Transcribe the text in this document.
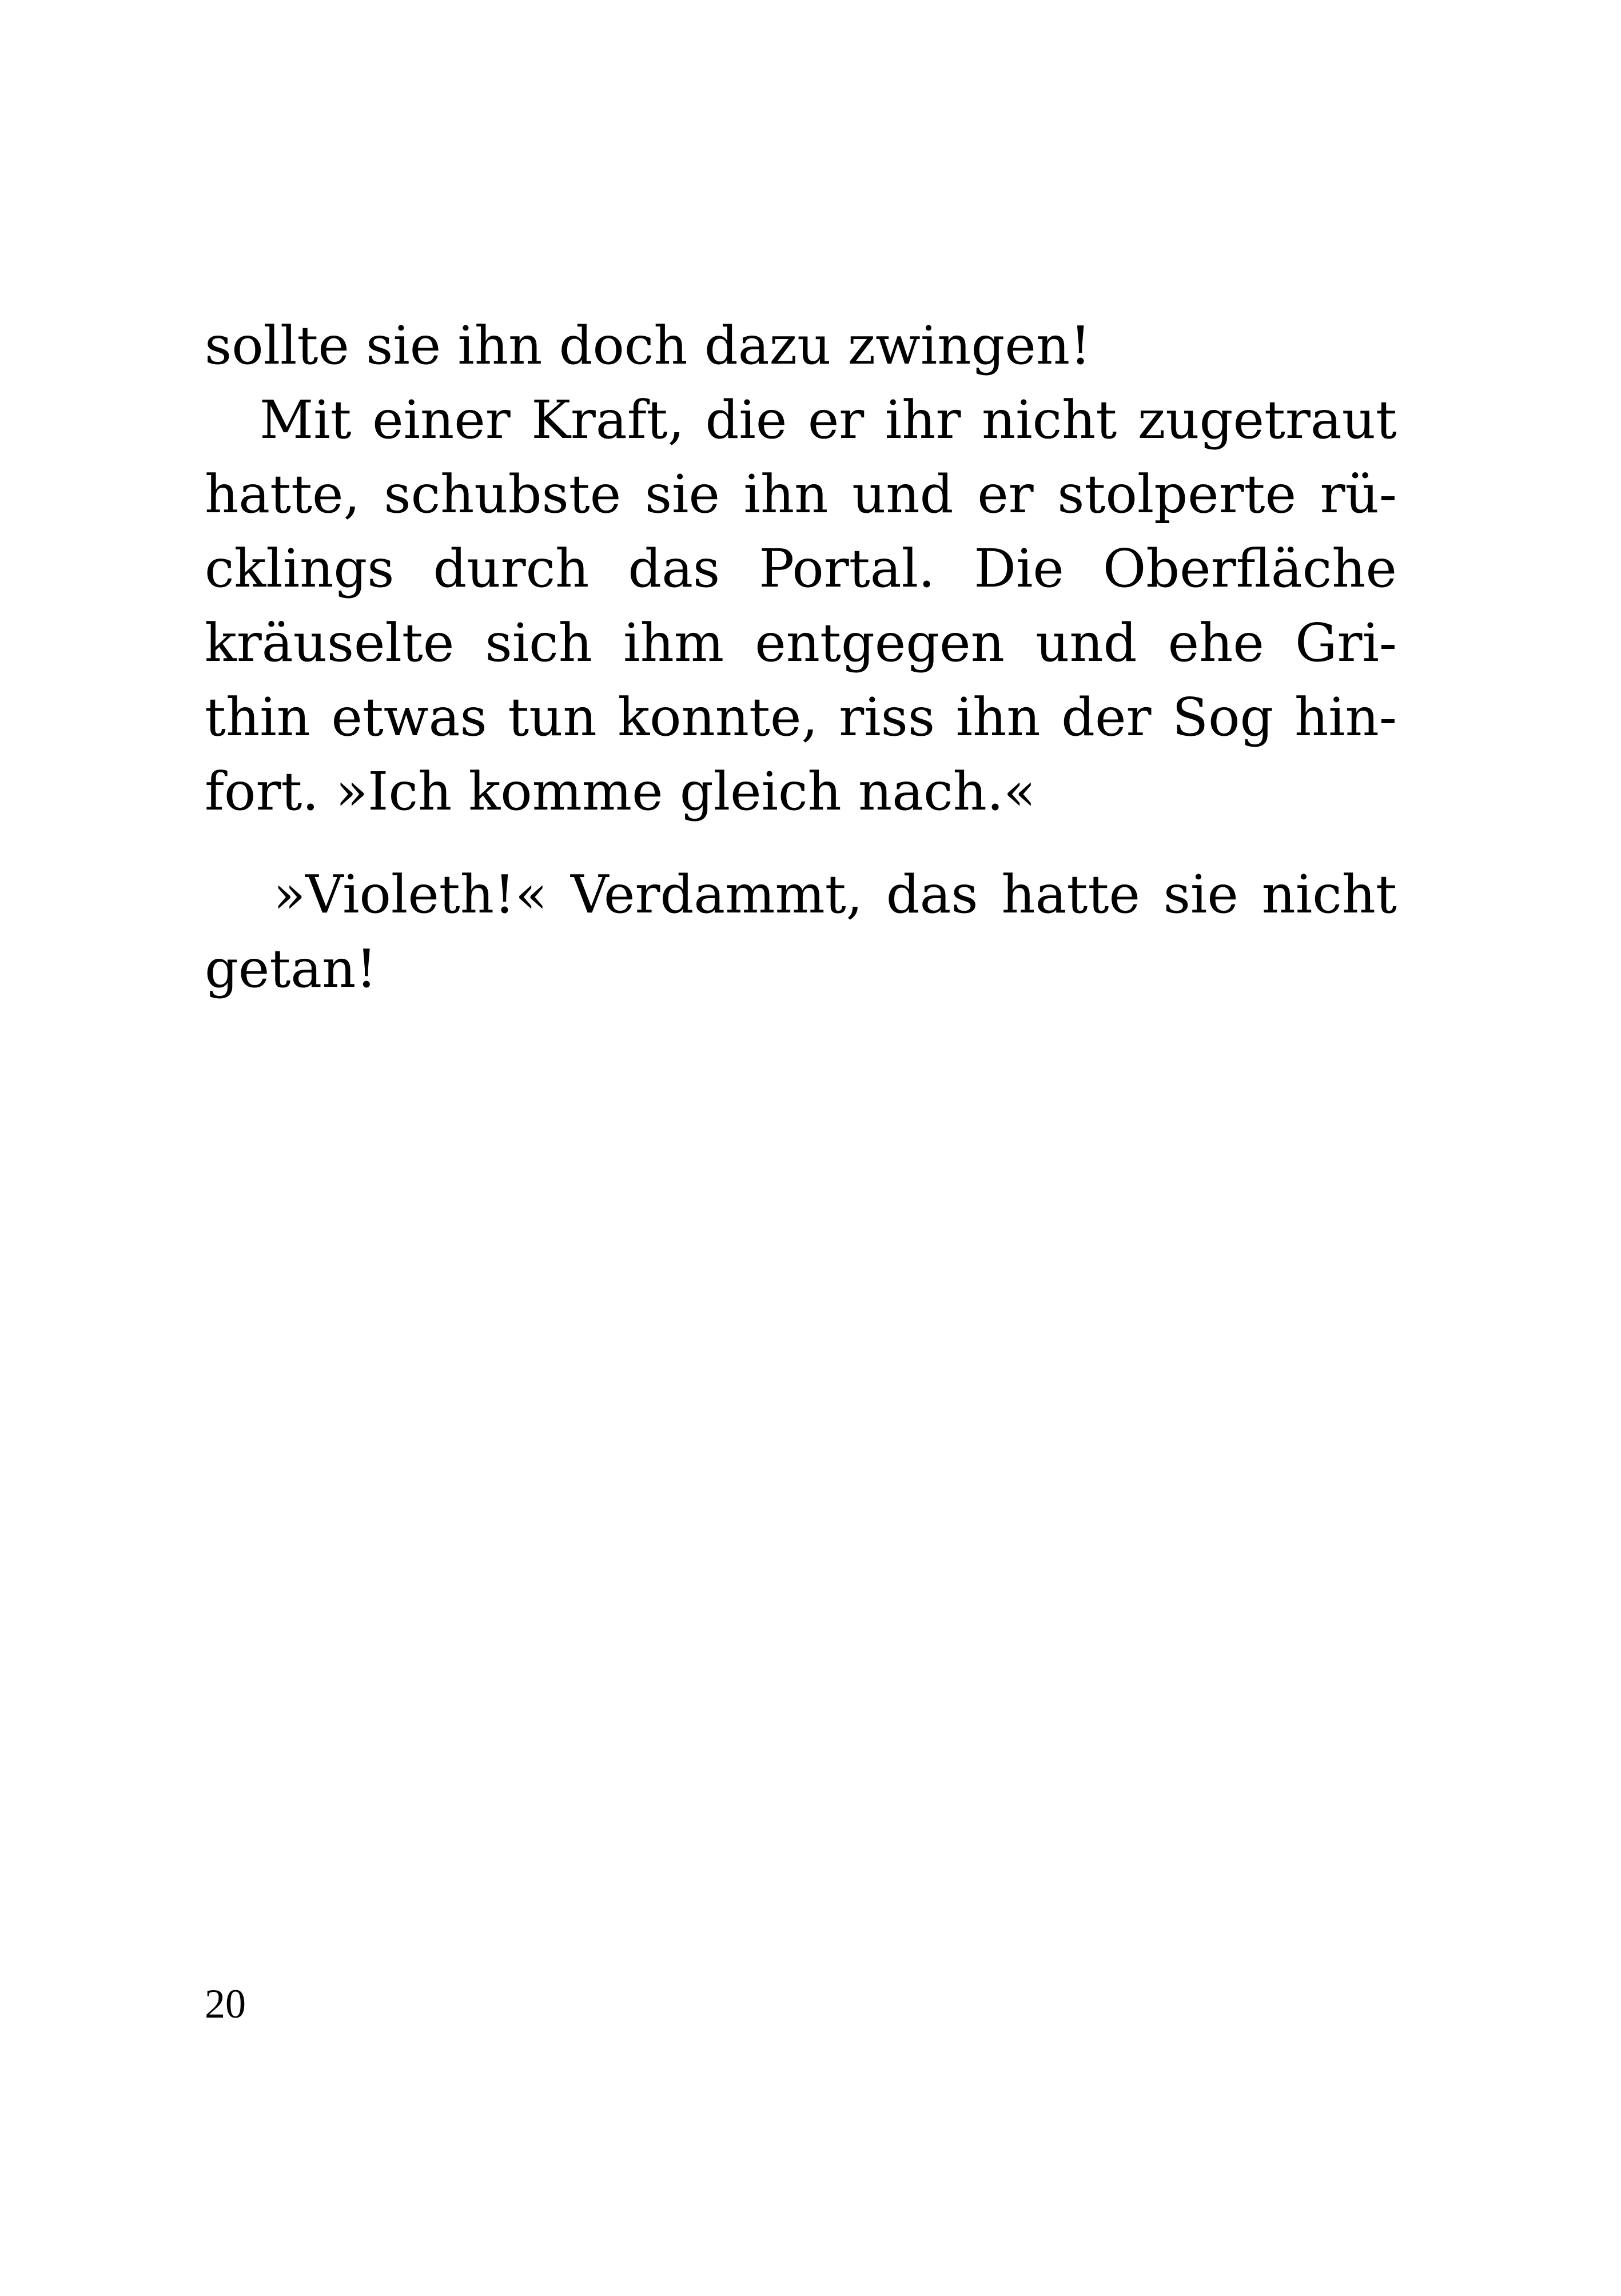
sollte sie ihn doch dazu zwingen!
Mit einer Kraft, die er ihr nicht zugetraut
hatte, schubste sie ihn und er stolperte rü-
cklings durch das Portal. Die Oberfläche
kräuselte sich ihm entgegen und ehe Gri-
thin etwas tun konnte, riss ihn der Sog hin-
fort. »Ich komme gleich nach.«
»Violeth!« Verdammt, das hatte sie nicht
getan!
20
